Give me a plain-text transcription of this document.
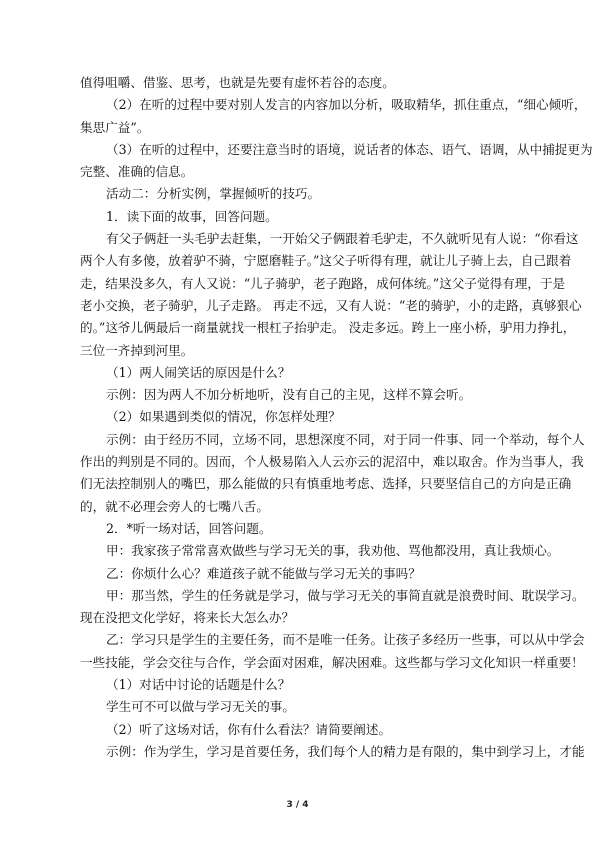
值得咀嚼、借鉴、思考，也就是先要有虚怀若谷的态度。

（2）在听的过程中要对别人发言的内容加以分析，吸取精华，抓住重点，“细心倾听，

集思广益”。

（3）在听的过程中，还要注意当时的语境，说话者的体态、语气、语调，从中捕捉更为

完整、准确的信息。

活动二：分析实例，掌握倾听的技巧。

1．读下面的故事，回答问题。

有父子俩赶一头毛驴去赶集，一开始父子俩跟着毛驴走，不久就听见有人说：“你看这

两个人有多傻，放着驴不骑，宁愿磨鞋子。”这父子听得有理，就让儿子骑上去，自己跟着

走，结果没多久，有人又说：“儿子骑驴，老子跑路，成何体统。”这父子觉得有理，于是

老小交换，老子骑驴，儿子走路。 再走不远，又有人说：“老的骑驴，小的走路，真够狠心

的。”这爷儿俩最后一商量就找一根杠子抬驴走。 没走多远。跨上一座小桥，驴用力挣扎，

三位一齐掉到河里。

（1）两人闹笑话的原因是什么？

示例：因为两人不加分析地听，没有自己的主见，这样不算会听。

（2）如果遇到类似的情况，你怎样处理？

示例：由于经历不同，立场不同，思想深度不同，对于同一件事、同一个举动，每个人

作出的判别是不同的。因而，个人极易陷入人云亦云的泥沼中，难以取舍。作为当事人，我

们无法控制别人的嘴巴，那么能做的只有慎重地考虑、选择，只要坚信自己的方向是正确

的，就不必理会旁人的七嘴八舌。

2．*听一场对话，回答问题。

甲：我家孩子常常喜欢做些与学习无关的事，我劝他、骂他都没用，真让我烦心。

乙：你烦什么心？难道孩子就不能做与学习无关的事吗？

甲：那当然，学生的任务就是学习，做与学习无关的事简直就是浪费时间、耽误学习。

现在没把文化学好，将来长大怎么办？

乙：学习只是学生的主要任务，而不是唯一任务。让孩子多经历一些事，可以从中学会

一些技能，学会交往与合作，学会面对困难，解决困难。这些都与学习文化知识一样重要！

（1）对话中讨论的话题是什么？

学生可不可以做与学习无关的事。

（2）听了这场对话，你有什么看法？请简要阐述。

示例：作为学生，学习是首要任务，我们每个人的精力是有限的，集中到学习上，才能

3 / 4
